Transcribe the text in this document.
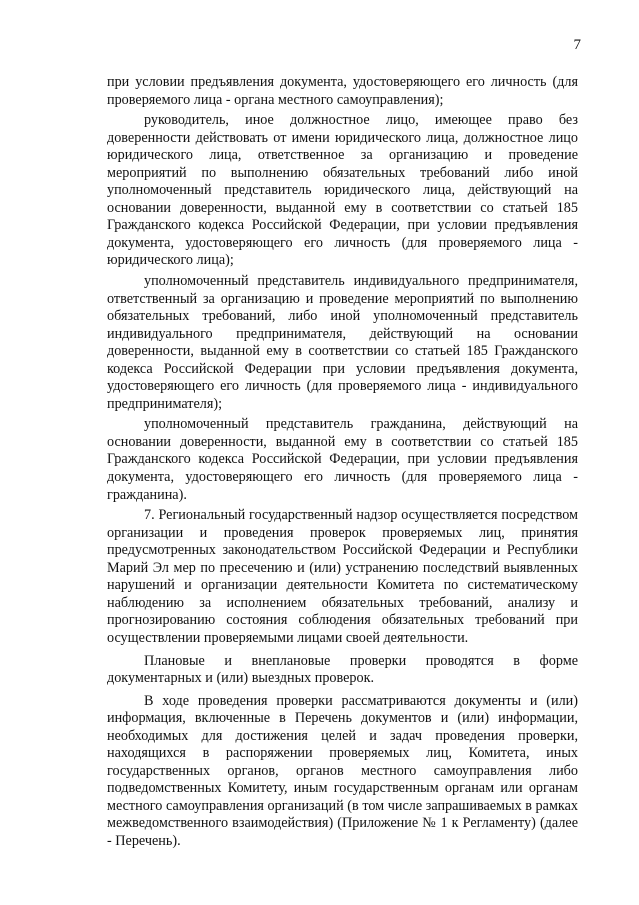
7

при условии предъявления документа, удостоверяющего его личность (для проверяемого лица - органа местного самоуправления);

руководитель, иное должностное лицо, имеющее право без доверенности действовать от имени юридического лица, должностное лицо юридического лица, ответственное за организацию и проведение мероприятий по выполнению обязательных требований либо иной уполномоченный представитель юридического лица, действующий на основании доверенности, выданной ему в соответствии со статьей 185 Гражданского кодекса Российской Федерации, при условии предъявления документа, удостоверяющего его личность (для проверяемого лица - юридического лица);

уполномоченный представитель индивидуального предпринимателя, ответственный за организацию и проведение мероприятий по выполнению обязательных требований, либо иной уполномоченный представитель индивидуального предпринимателя, действующий на основании доверенности, выданной ему в соответствии со статьей 185 Гражданского кодекса Российской Федерации при условии предъявления документа, удостоверяющего его личность (для проверяемого лица - индивидуального предпринимателя);

уполномоченный представитель гражданина, действующий на основании доверенности, выданной ему в соответствии со статьей 185 Гражданского кодекса Российской Федерации, при условии предъявления документа, удостоверяющего его личность (для проверяемого лица - гражданина).

7. Региональный государственный надзор осуществляется посредством организации и проведения проверок проверяемых лиц, принятия предусмотренных законодательством Российской Федерации и Республики Марий Эл мер по пресечению и (или) устранению последствий выявленных нарушений и организации деятельности Комитета по систематическому наблюдению за исполнением обязательных требований, анализу и прогнозированию состояния соблюдения обязательных требований при осуществлении проверяемыми лицами своей деятельности.

Плановые и внеплановые проверки проводятся в форме документарных и (или) выездных проверок.

В ходе проведения проверки рассматриваются документы и (или) информация, включенные в Перечень документов и (или) информации, необходимых для достижения целей и задач проведения проверки, находящихся в распоряжении проверяемых лиц, Комитета, иных государственных органов, органов местного самоуправления либо подведомственных Комитету, иным государственным органам или органам местного самоуправления организаций (в том числе запрашиваемых в рамках межведомственного взаимодействия) (Приложение № 1 к Регламенту) (далее - Перечень).
